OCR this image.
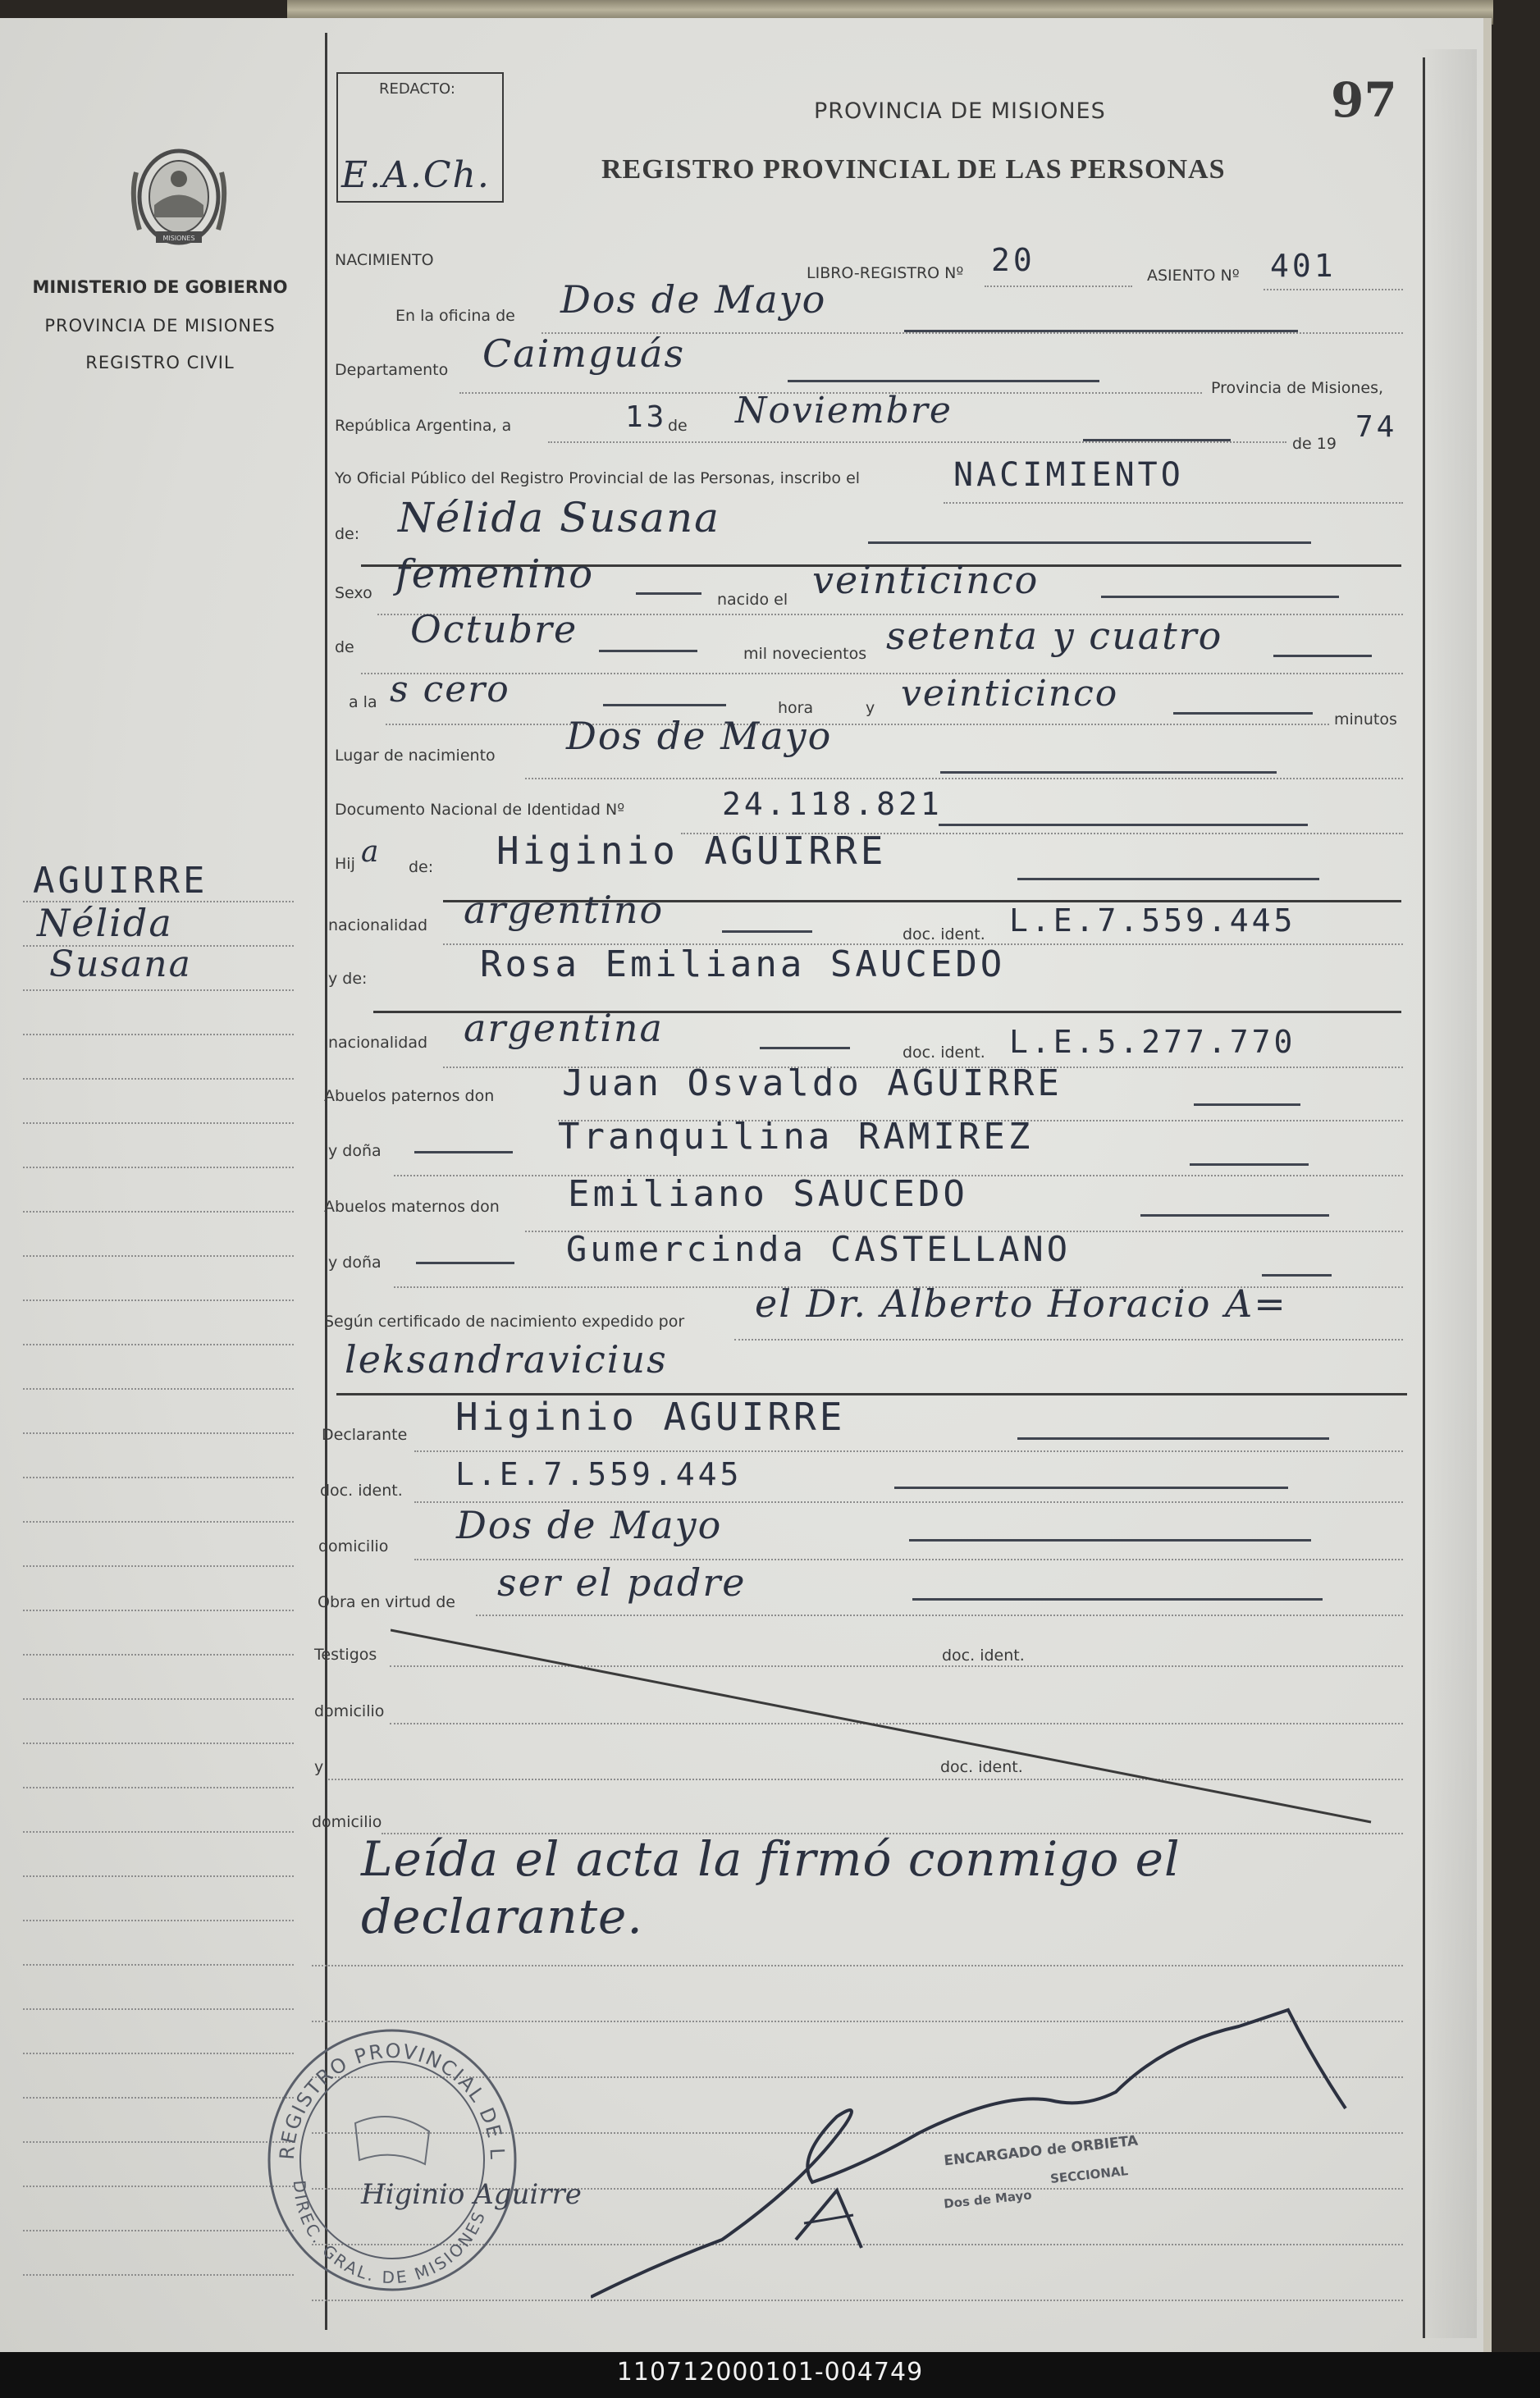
MISIONES
MINISTERIO DE GOBIERNO
PROVINCIA DE MISIONES
REGISTRO CIVIL
AGUIRRE
Nélida
Susana
REDACTO:
E.A.Ch.
PROVINCIA DE MISIONES	97
REGISTRO PROVINCIAL DE LAS PERSONAS
NACIMIENTO
LIBRO-REGISTRO Nº 20	ASIENTO Nº 401
En la oficina de Dos de Mayo
Departamento Caimguás
Provincia de Misiones,
República Argentina, a	13 de Noviembre
de 19 74
Yo Oficial Público del Registro Provincial de las Personas, inscribo el	NACIMIENTO
de: Nélida Susana
Sexo femenino
nacido el veinticinco
de Octubre
mil novecientos setenta y cuatro
a la s cero	hora	y veinticinco
minutos
Lugar de nacimiento Dos de Mayo
Documento Nacional de Identidad Nº	24.118.821
Hij a de: Higinio AGUIRRE
nacionalidad argentino
doc. ident. L.E.7.559.445
y de:	Rosa Emiliana SAUCEDO
nacionalidad argentina
doc. ident. L.E.5.277.770
Abuelos paternos don Juan Osvaldo AGUIRRE
y doña	Tranquilina RAMIREZ
Abuelos maternos don Emiliano SAUCEDO
y doña	Gumercinda CASTELLANO
Según certificado de nacimiento expedido por el Dr. Alberto Horacio A=
leksandravicius
Declarante Higinio AGUIRRE
doc. ident. L.E.7.559.445
domicilio Dos de Mayo
Obra en virtud de ser el padre
Testigos	doc. ident.
domicilio
y	doc. ident.
domicilio
Leída el acta la firmó conmigo el
declarante.
REGISTRO PROVINCIAL DE L
DIREC. GRAL. DE MISIONES
Higinio Aguirre
ENCARGADO de ORBIETA
SECCIONAL
Dos de Mayo
110712000101-004749
